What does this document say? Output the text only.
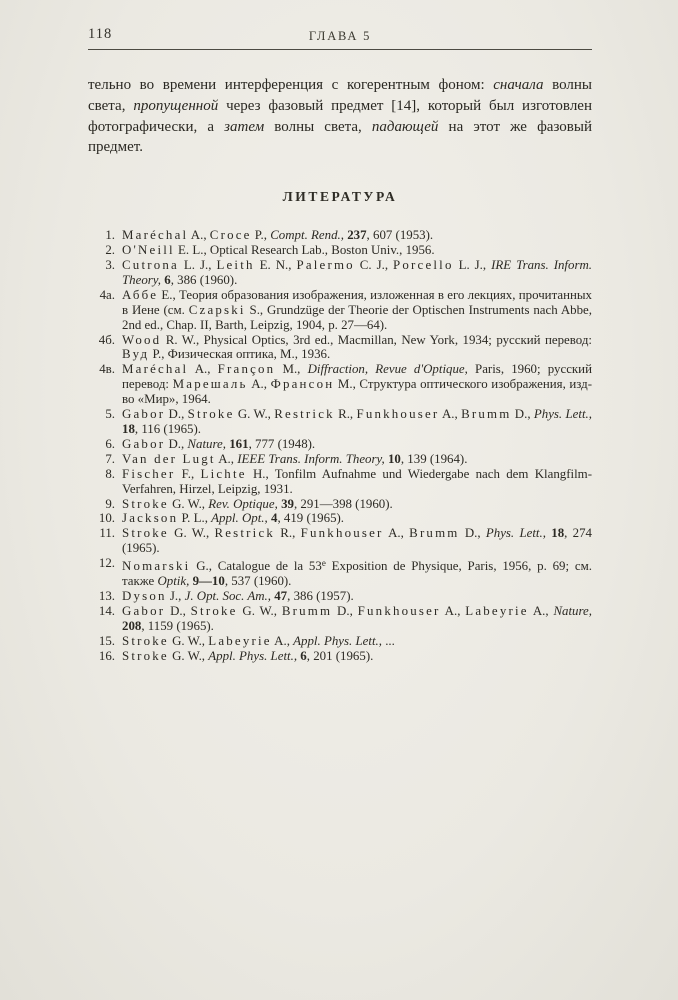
118	ГЛАВА 5

тельно во времени интерференция с когерентным фоном: сначала волны света, пропущенной через фазовый предмет [14], который был изготовлен фотографически, а затем волны света, падающей на этот же фазовый предмет.

ЛИТЕРАТУРА
1. Maréchal A., Croce P., Compt. Rend., 237, 607 (1953).
2. O'Neill E. L., Optical Research Lab., Boston Univ., 1956.
3. Cutrona L. J., Leith E. N., Palermo C. J., Porcello L. J., IRE Trans. Inform. Theory, 6, 386 (1960).
4а. Аббе Е., Теория образования изображения, изложенная в его лекциях, прочитанных в Иене (см. Czapski S., Grundzüge der Theorie der Optischen Instruments nach Abbe, 2nd ed., Chap. II, Barth, Leipzig, 1904, p. 27—64).
4б. Wood R. W., Physical Optics, 3rd ed., Macmillan, New York, 1934; русский перевод: Вуд Р., Физическая оптика, М., 1936.
4в. Maréchal A., Françon M., Diffraction, Revue d'Optique, Paris, 1960; русский перевод: Марешаль А., Франсон М., Структура оптического изображения, изд-во «Мир», 1964.
5. Gabor D., Stroke G. W., Restrick R., Funkhouser A., Brumm D., Phys. Lett., 18, 116 (1965).
6. Gabor D., Nature, 161, 777 (1948).
7. Van der Lugt A., IEEE Trans. Inform. Theory, 10, 139 (1964).
8. Fischer F., Lichte H., Tonfilm Aufnahme und Wiedergabe nach dem Klangfilm-Verfahren, Hirzel, Leipzig, 1931.
9. Stroke G. W., Rev. Optique, 39, 291—398 (1960).
10. Jackson P. L., Appl. Opt., 4, 419 (1965).
11. Stroke G. W., Restrick R., Funkhouser A., Brumm D., Phys. Lett., 18, 274 (1965).
12. Nomarski G., Catalogue de la 53e Exposition de Physique, Paris, 1956, p. 69; см. также Optik, 9—10, 537 (1960).
13. Dyson J., J. Opt. Soc. Am., 47, 386 (1957).
14. Gabor D., Stroke G. W., Brumm D., Funkhouser A., Labeyrie A., Nature, 208, 1159 (1965).
15. Stroke G. W., Labeyrie A., Appl. Phys. Lett., ...
16. Stroke G. W., Appl. Phys. Lett., 6, 201 (1965).
